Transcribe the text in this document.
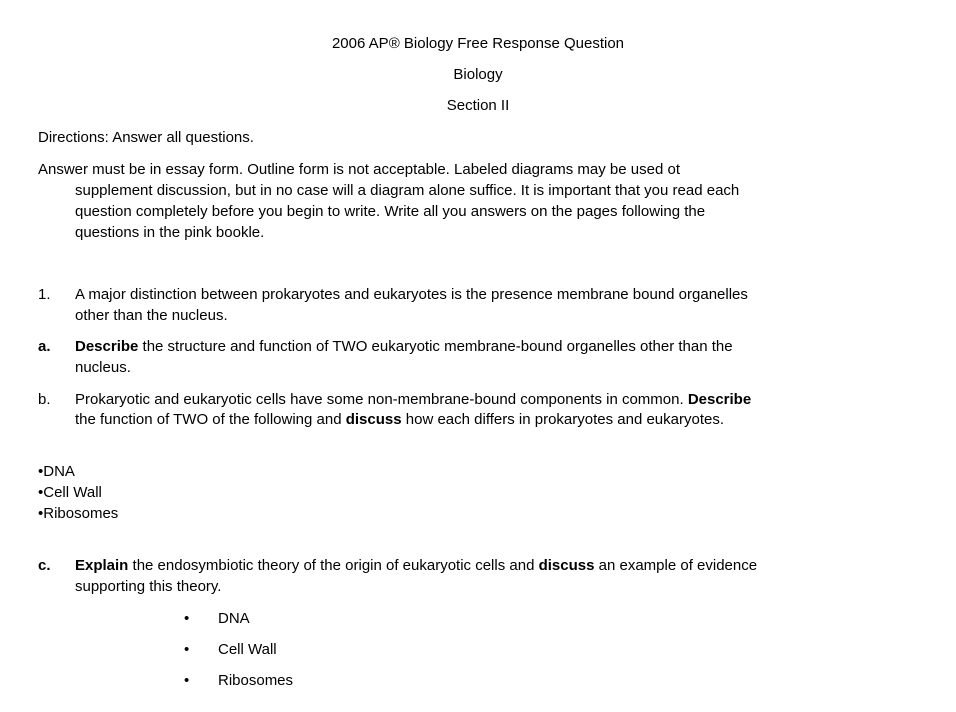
2006 AP® Biology Free Response Question
Biology
Section II
Directions: Answer all questions.
Answer must be in essay form. Outline form is not acceptable. Labeled diagrams may be used ot
supplement discussion, but in no case will a diagram alone suffice. It is important that you read each
question completely before you begin to write. Write all you answers on the pages following the
questions in the pink bookle.
1. A major distinction between prokaryotes and eukaryotes is the presence membrane bound organelles
other than the nucleus.
a. Describe the structure and function of TWO eukaryotic membrane-bound organelles other than the
nucleus.
b. Prokaryotic and eukaryotic cells have some non-membrane-bound components in common. Describe
the function of TWO of the following and discuss how each differs in prokaryotes and eukaryotes.
•DNA
•Cell Wall
•Ribosomes
c. Explain the endosymbiotic theory of the origin of eukaryotic cells and discuss an example of evidence
supporting this theory.
• DNA
• Cell Wall
• Ribosomes
